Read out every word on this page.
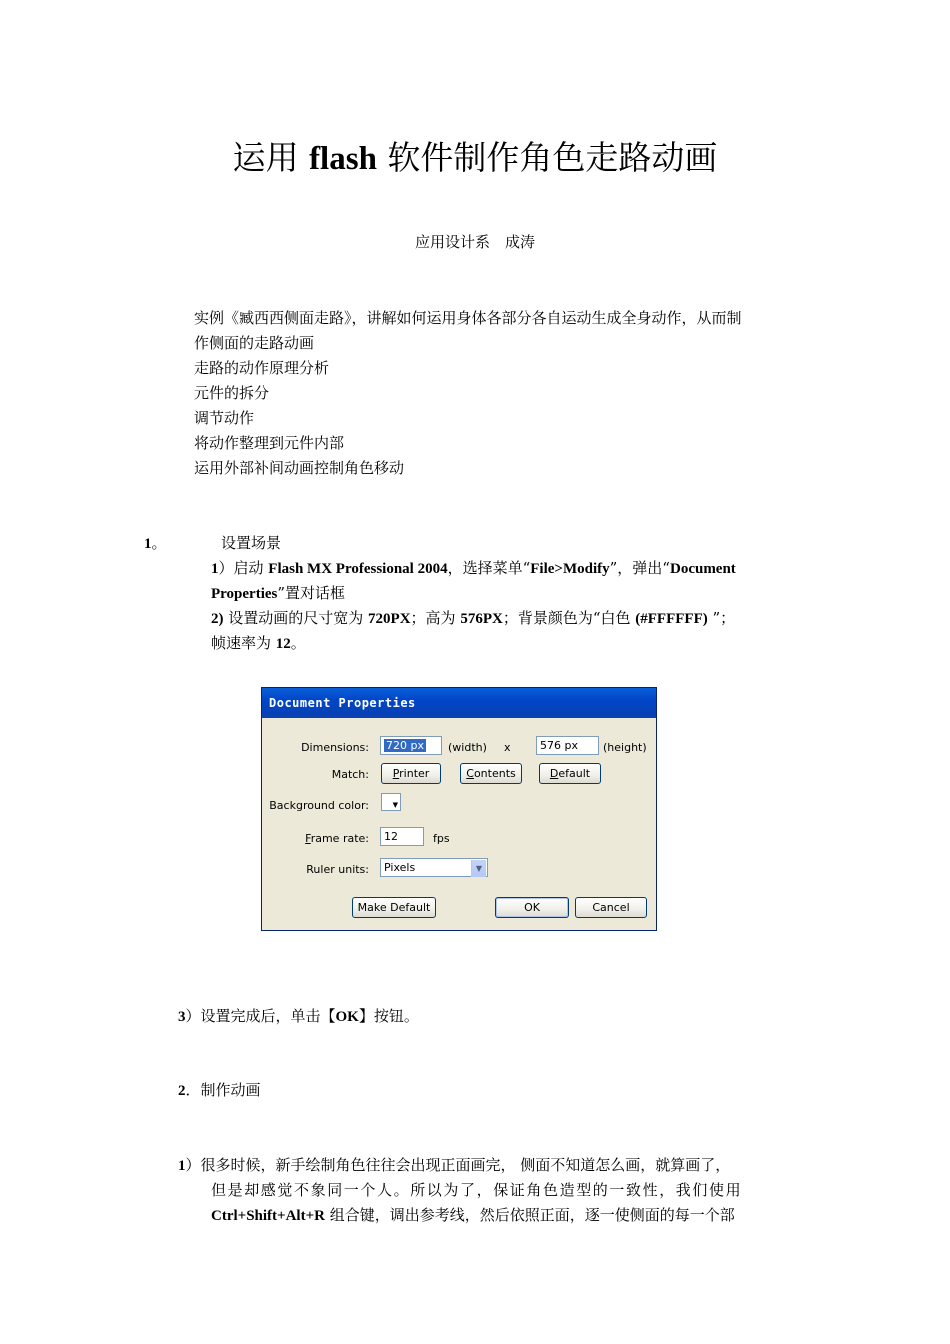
运用 flash 软件制作角色走路动画
应用设计系　成涛
实例《臧西西侧面走路》，讲解如何运用身体各部分各自运动生成全身动作，从而制
作侧面的走路动画
走路的动作原理分析
元件的拆分
调节动作
将动作整理到元件内部
运用外部补间动画控制角色移动
1。	设置场景
1）启动 Flash MX Professional 2004，选择菜单“File>Modify”，弹出“Document
Properties”置对话框
2) 设置动画的尺寸宽为 720PX；高为 576PX；背景颜色为“白色 (#FFFFFF) ”；
帧速率为 12。
Document Properties
Dimensions:	720 px	(width) x	576 px	(height)
Match:	Printer	Contents	Default
Background color:	▼
Frame rate:	12	fps
Ruler units:	Pixels	▼
Make Default	OK	Cancel
3）设置完成后，单击【OK】按钮。
2．制作动画
1）很多时候，新手绘制角色往往会出现正面画完， 侧面不知道怎么画，就算画了，
但是却感觉不象同一个人。所以为了，保证角色造型的一致性，我们使用
Ctrl+Shift+Alt+R 组合键，调出参考线，然后依照正面，逐一使侧面的每一个部
